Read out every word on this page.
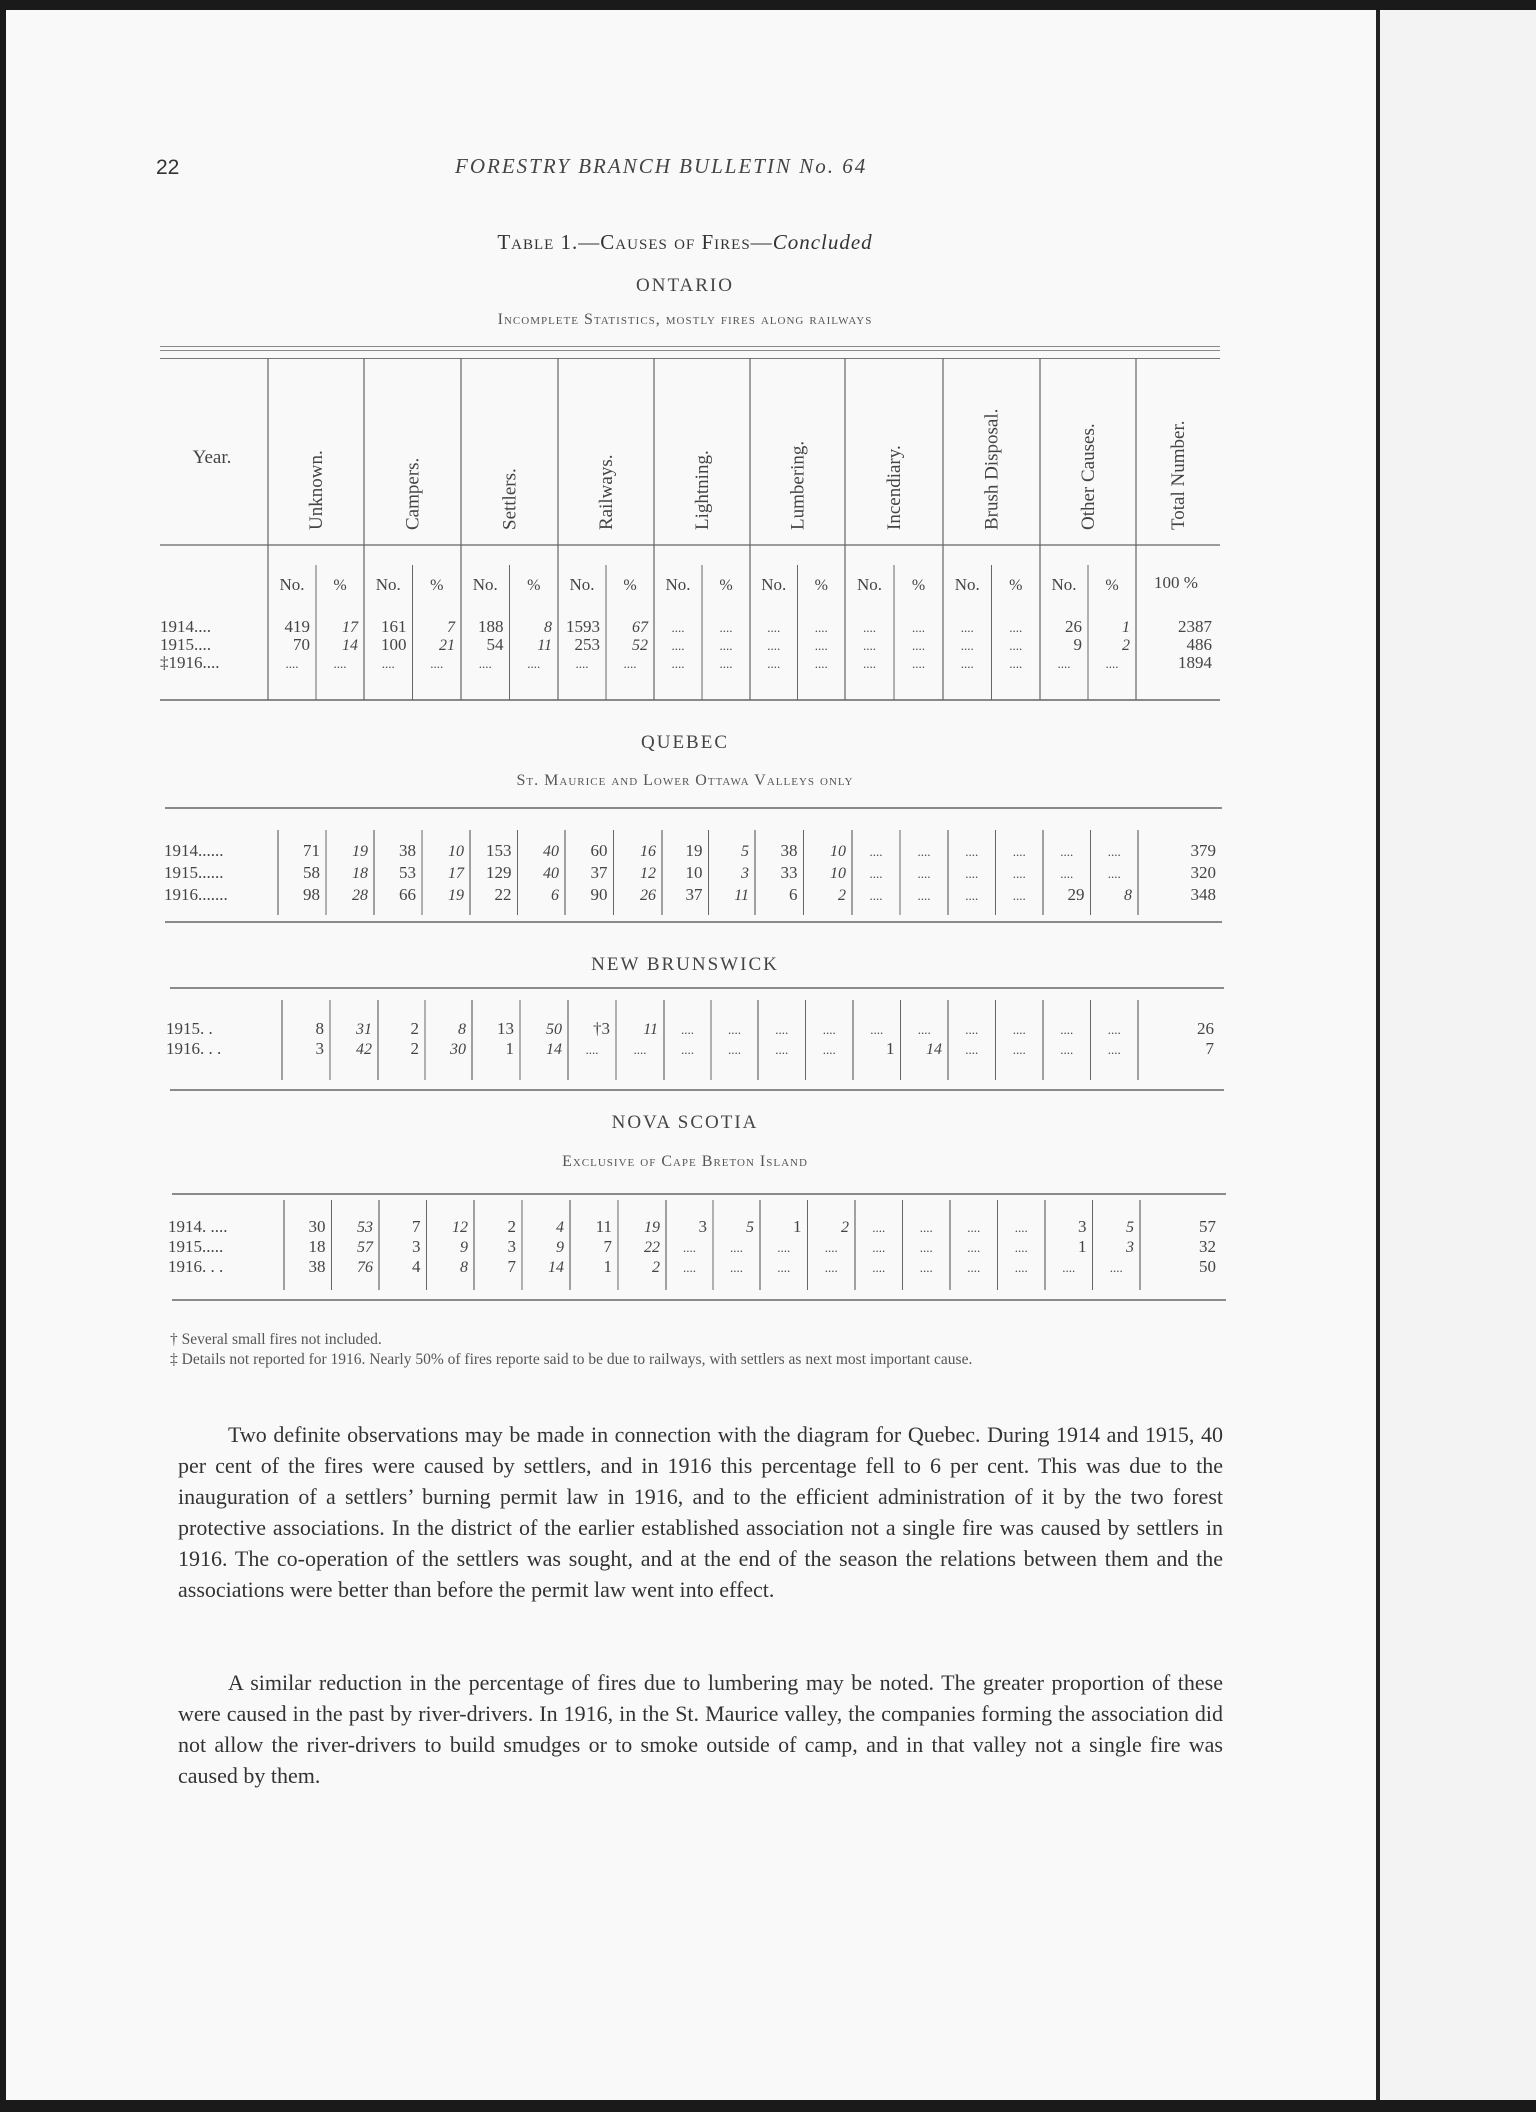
22	FORESTRY BRANCH BULLETIN No. 64
Table 1.—Causes of Fires—Concluded
ONTARIO
Incomplete Statistics, mostly fires along railways
QUEBEC
St. Maurice and Lower Ottawa Valleys only
NEW BRUNSWICK
NOVA SCOTIA
Exclusive of Cape Breton Island
Year.	Unknown.	Campers.	Settlers.	Railways.	Lightning.	Lumbering.	Incendiary.	Brush Disposal.	Other Causes.	Total Number.
No. % No. % No. % No. % No. % No. % No. % No. % No. % 100 %
1914....	419 17 161	7 188	8 1593 67 ....	....	....	....	....	....	....	....	26	1	2387
1915....	70 14 100 21 54 11 253 52 ....	....	....	....	....	....	....	....	9	2	486
‡1916....	....	....	....	....	....	....	....	....	....	....	....	....	....	....	....	....	....	....	1894
1914......	71 19 38 10 153 40 60 16 19 5 38 10 ....	....	....	....	....	....	379
1915......	58 18 53 17 129 40 37 12 10 3 33 10 ....	....	....	....	....	....	320
1916.......	98 28 66 19 22 6 90 26 37 11 6	2 ....	....	....	.... 29 8	348
1915. .	8 31 2 8 13 50 †3 11 ....	....	....	....	....	....	....	....	....	....	26
1916. . .	3 42 2 30 1 14 ....	....	....	....	....	....	1 14 ....	....	....	....	7
1914. ....	30 53 7 12 2	4 11 19 3 5 1 2 ....	....	....	....	3 5	57
1915.....	18 57 3 9 3	9 7 22 ....	....	....	....	....	....	....	....	1 3	32
1916. . .	38 76 4 8 7 14 1	2 ....	....	....	....	....	....	....	....	....	....	50
† Several small fires not included.
‡ Details not reported for 1916. Nearly 50% of fires reporte said to be due to railways, with settlers as next most important cause.
Two definite observations may be made in connection with the diagram for Quebec. During 1914 and 1915, 40 per cent of the fires were caused by settlers, and in 1916 this percentage fell to 6 per cent. This was due to the inauguration of a settlers’ burning permit law in 1916, and to the efficient administration of it by the two forest protective associations. In the district of the earlier established association not a single fire was caused by settlers in 1916. The co-operation of the settlers was sought, and at the end of the season the relations between them and the associations were better than before the permit law went into effect.
A similar reduction in the percentage of fires due to lumbering may be noted. The greater proportion of these were caused in the past by river-drivers. In 1916, in the St. Maurice valley, the companies forming the association did not allow the river-drivers to build smudges or to smoke outside of camp, and in that valley not a single fire was caused by them.
